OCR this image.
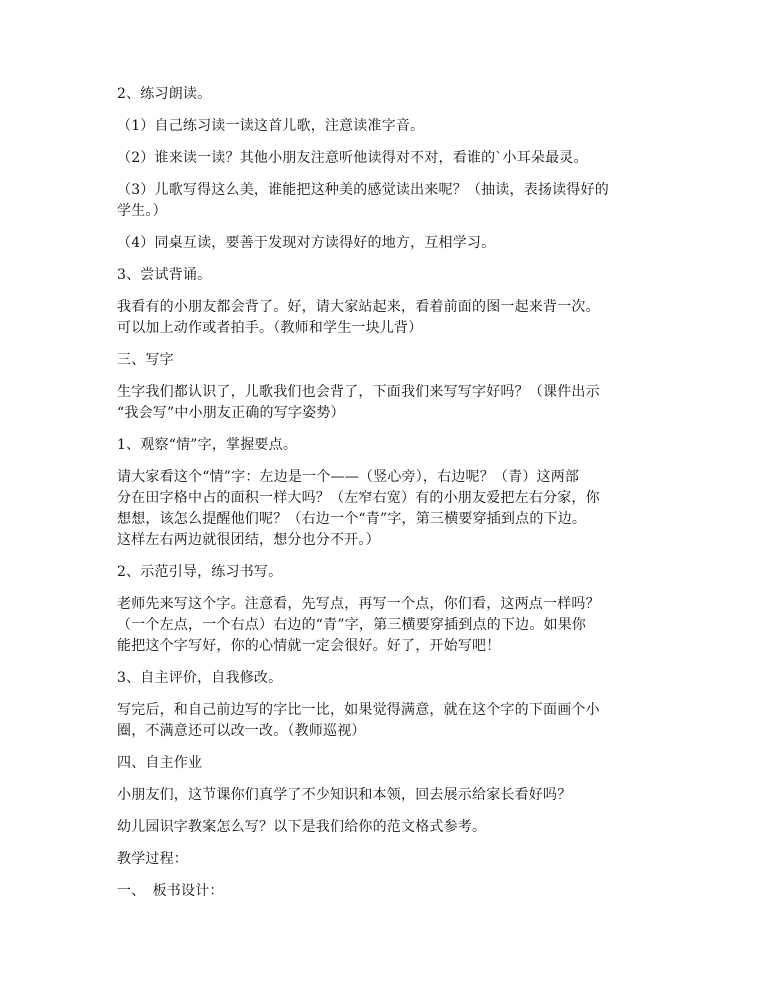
2、练习朗读。
（1）自己练习读一读这首儿歌，注意读准字音。
（2）谁来读一读？其他小朋友注意听他读得对不对，看谁的`小耳朵最灵。
（3）儿歌写得这么美，谁能把这种美的感觉读出来呢？（抽读，表扬读得好的
学生。）
（4）同桌互读，要善于发现对方读得好的地方，互相学习。
3、尝试背诵。
我看有的小朋友都会背了。好，请大家站起来，看着前面的图一起来背一次。
可以加上动作或者拍手。（教师和学生一块儿背）
三、写字
生字我们都认识了，儿歌我们也会背了，下面我们来写写字好吗？（课件出示
“我会写”中小朋友正确的写字姿势）
1、观察“情”字，掌握要点。
请大家看这个“情”字：左边是一个——（竖心旁），右边呢？（青）这两部
分在田字格中占的面积一样大吗？（左窄右宽）有的小朋友爱把左右分家，你
想想，该怎么提醒他们呢？（右边一个“青”字，第三横要穿插到点的下边。
这样左右两边就很团结，想分也分不开。）
2、示范引导，练习书写。
老师先来写这个字。注意看，先写点，再写一个点，你们看，这两点一样吗？
（一个左点，一个右点）右边的“青”字，第三横要穿插到点的下边。如果你
能把这个字写好，你的心情就一定会很好。好了，开始写吧！
3、自主评价，自我修改。
写完后，和自己前边写的字比一比，如果觉得满意，就在这个字的下面画个小
圈，不满意还可以改一改。（教师巡视）
四、自主作业
小朋友们，这节课你们真学了不少知识和本领，回去展示给家长看好吗？
幼儿园识字教案怎么写？以下是我们给你的范文格式参考。
教学过程：
一、　板书设计：
